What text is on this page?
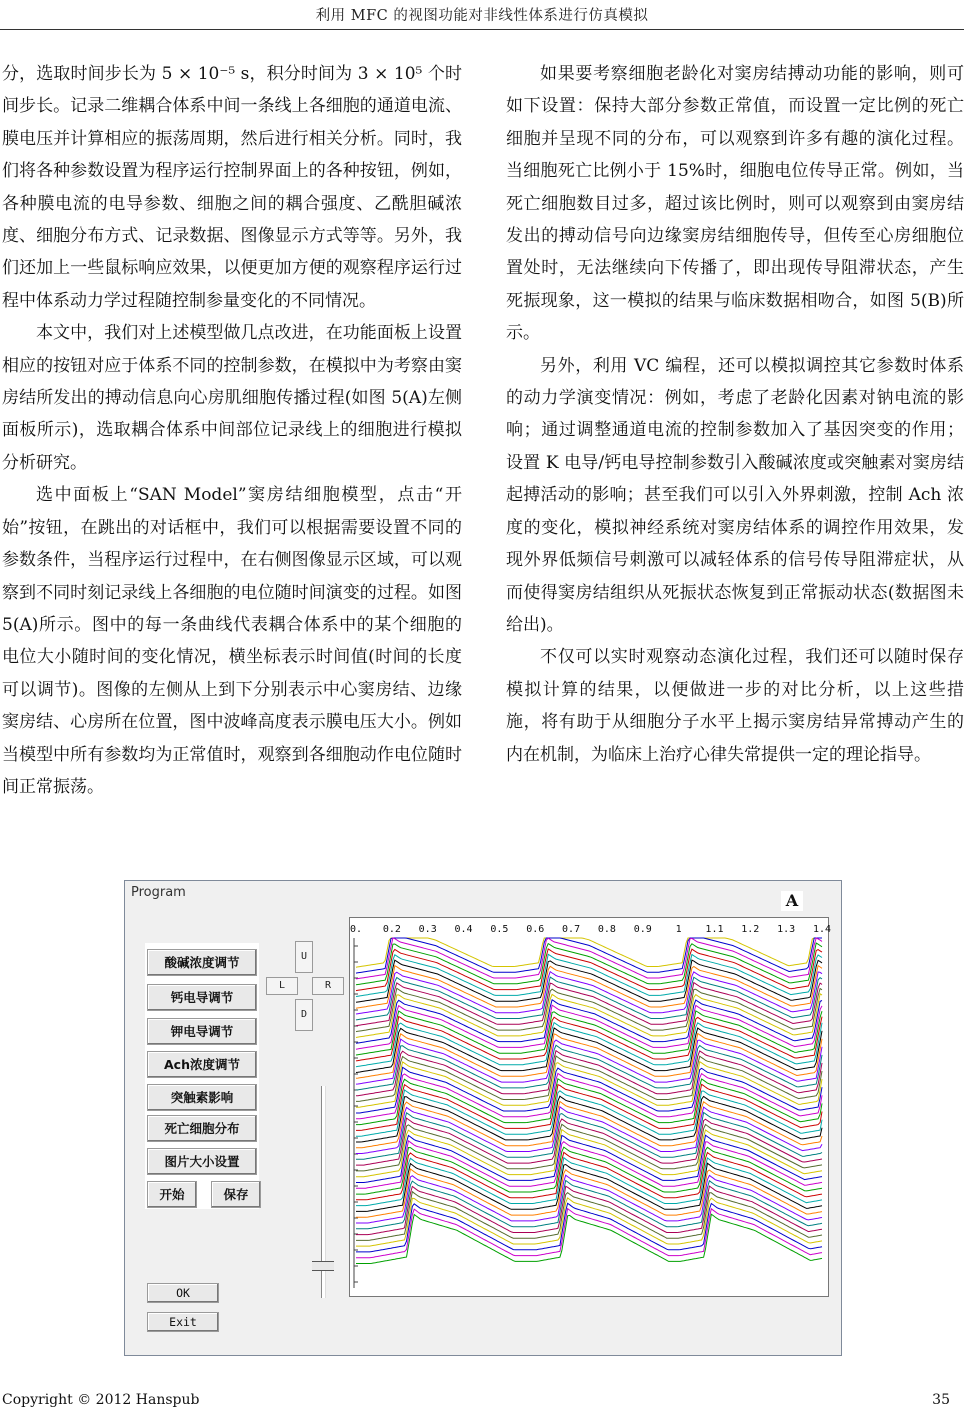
利用 MFC 的视图功能对非线性体系进行仿真模拟

分，选取时间步长为 5 × 10⁻⁵ s，积分时间为 3 × 10⁵ 个时间步长。记录二维耦合体系中间一条线上各细胞的通道电流、膜电压并计算相应的振荡周期，然后进行相关分析。同时，我们将各种参数设置为程序运行控制界面上的各种按钮，例如，各种膜电流的电导参数、细胞之间的耦合强度、乙酰胆碱浓度、细胞分布方式、记录数据、图像显示方式等等。另外，我们还加上一些鼠标响应效果，以便更加方便的观察程序运行过程中体系动力学过程随控制参量变化的不同情况。

本文中，我们对上述模型做几点改进，在功能面板上设置相应的按钮对应于体系不同的控制参数，在模拟中为考察由窦房结所发出的搏动信息向心房肌细胞传播过程(如图 5(A)左侧面板所示)，选取耦合体系中间部位记录线上的细胞进行模拟分析研究。

选中面板上“SAN Model”窦房结细胞模型，点击“开始”按钮，在跳出的对话框中，我们可以根据需要设置不同的参数条件，当程序运行过程中，在右侧图像显示区域，可以观察到不同时刻记录线上各细胞的电位随时间演变的过程。如图 5(A)所示。图中的每一条曲线代表耦合体系中的某个细胞的电位大小随时间的变化情况，横坐标表示时间值(时间的长度可以调节)。图像的左侧从上到下分别表示中心窦房结、边缘窦房结、心房所在位置，图中波峰高度表示膜电压大小。例如当模型中所有参数均为正常值时，观察到各细胞动作电位随时间正常振荡。

如果要考察细胞老龄化对窦房结搏动功能的影响，则可如下设置：保持大部分参数正常值，而设置一定比例的死亡细胞并呈现不同的分布，可以观察到许多有趣的演化过程。当细胞死亡比例小于 15%时，细胞电位传导正常。例如，当死亡细胞数目过多，超过该比例时，则可以观察到由窦房结发出的搏动信号向边缘窦房结细胞传导，但传至心房细胞位置处时，无法继续向下传播了，即出现传导阻滞状态，产生死振现象，这一模拟的结果与临床数据相吻合，如图 5(B)所示。

另外，利用 VC 编程，还可以模拟调控其它参数时体系的动力学演变情况：例如，考虑了老龄化因素对钠电流的影响；通过调整通道电流的控制参数加入了基因突变的作用；设置 K 电导/钙电导控制参数引入酸碱浓度或突触素对窦房结起搏活动的影响；甚至我们可以引入外界刺激，控制 Ach 浓度的变化，模拟神经系统对窦房结体系的调控作用效果，发现外界低频信号刺激可以减轻体系的信号传导阻滞症状，从而使得窦房结组织从死振状态恢复到正常振动状态(数据图未给出)。

不仅可以实时观察动态演化过程，我们还可以随时保存模拟计算的结果，以便做进一步的对比分析，以上这些措施，将有助于从细胞分子水平上揭示窦房结异常搏动产生的内在机制，为临床上治疗心律失常提供一定的理论指导。

Program
酸碱浓度调节
钙电导调节
钾电导调节
Ach浓度调节
突触素影响
死亡细胞分布
图片大小设置
开始	保存
OK
Exit
U
L	R
D
0. 0.2 0.3 0.4 0.5 0.6 0.7 0.8 0.9 1 1.1 1.2 1.3 1.4
A
Copyright © 2012 Hanspub	35
